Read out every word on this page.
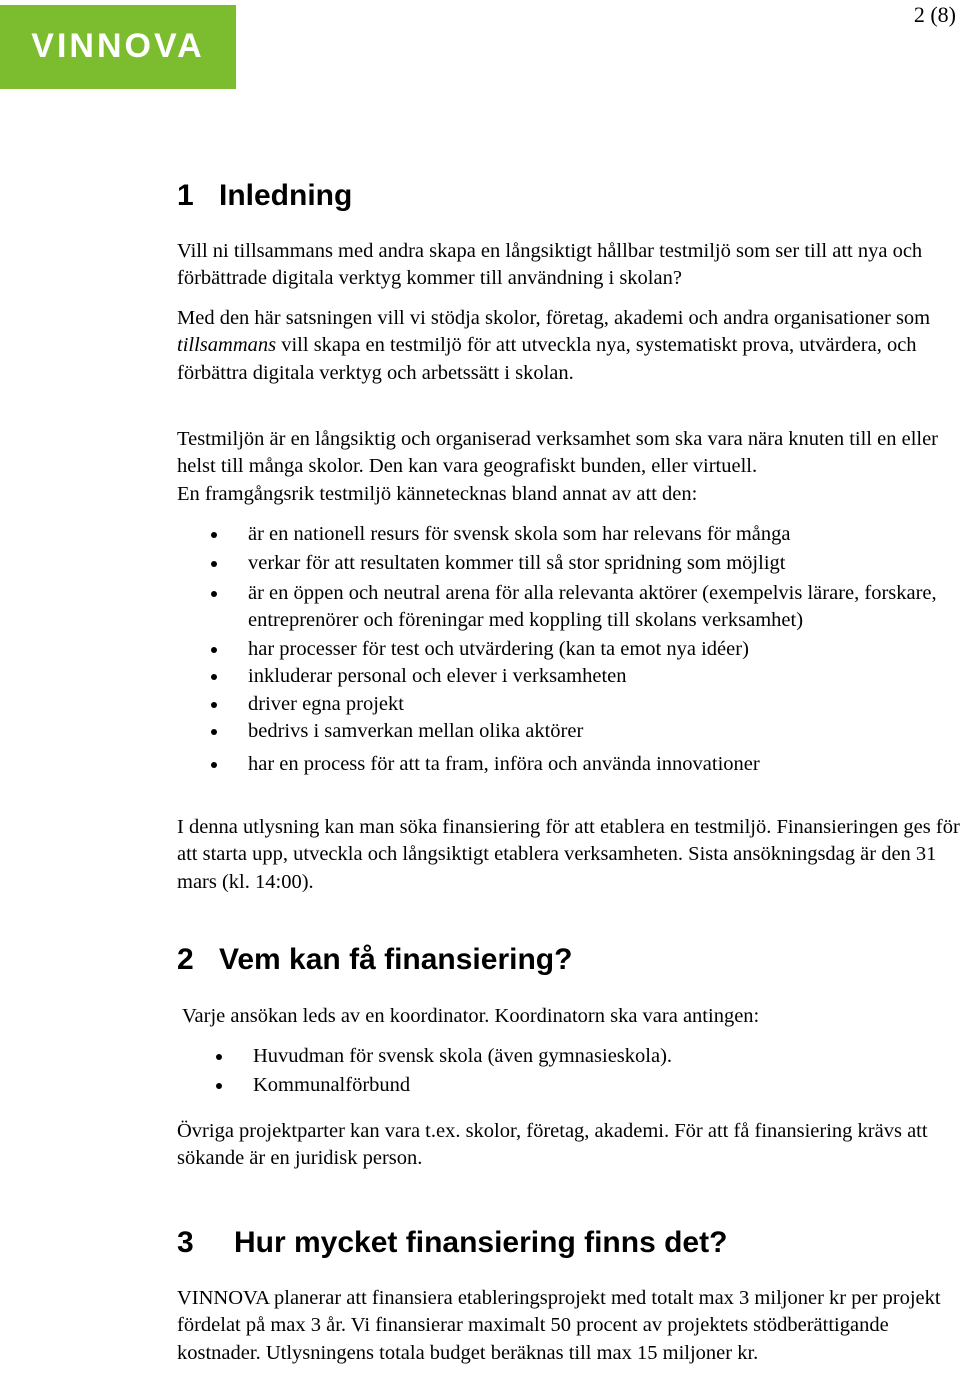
VINNOVA
2 (8)
1 Inledning
Vill ni tillsammans med andra skapa en långsiktigt hållbar testmiljö som ser till att nya och förbättrade digitala verktyg kommer till användning i skolan?
Med den här satsningen vill vi stödja skolor, företag, akademi och andra organisationer som tillsammans vill skapa en testmiljö för att utveckla nya, systematiskt prova, utvärdera, och förbättra digitala verktyg och arbetssätt i skolan.
Testmiljön är en långsiktig och organiserad verksamhet som ska vara nära knuten till en eller helst till många skolor. Den kan vara geografiskt bunden, eller virtuell.
En framgångsrik testmiljö kännetecknas bland annat av att den:
är en nationell resurs för svensk skola som har relevans för många
verkar för att resultaten kommer till så stor spridning som möjligt
är en öppen och neutral arena för alla relevanta aktörer (exempelvis lärare, forskare, entreprenörer och föreningar med koppling till skolans verksamhet)
har processer för test och utvärdering (kan ta emot nya idéer)
inkluderar personal och elever i verksamheten
driver egna projekt
bedrivs i samverkan mellan olika aktörer
har en process för att ta fram, införa och använda innovationer
I denna utlysning kan man söka finansiering för att etablera en testmiljö. Finansieringen ges för att starta upp, utveckla och långsiktigt etablera verksamheten. Sista ansökningsdag är den 31 mars (kl. 14:00).
2 Vem kan få finansiering?
Varje ansökan leds av en koordinator. Koordinatorn ska vara antingen:
Huvudman för svensk skola (även gymnasieskola).
Kommunalförbund
Övriga projektparter kan vara t.ex. skolor, företag, akademi. För att få finansiering krävs att sökande är en juridisk person.
3 Hur mycket finansiering finns det?
VINNOVA planerar att finansiera etableringsprojekt med totalt max 3 miljoner kr per projekt fördelat på max 3 år. Vi finansierar maximalt 50 procent av projektets stödberättigande kostnader. Utlysningens totala budget beräknas till max 15 miljoner kr.
